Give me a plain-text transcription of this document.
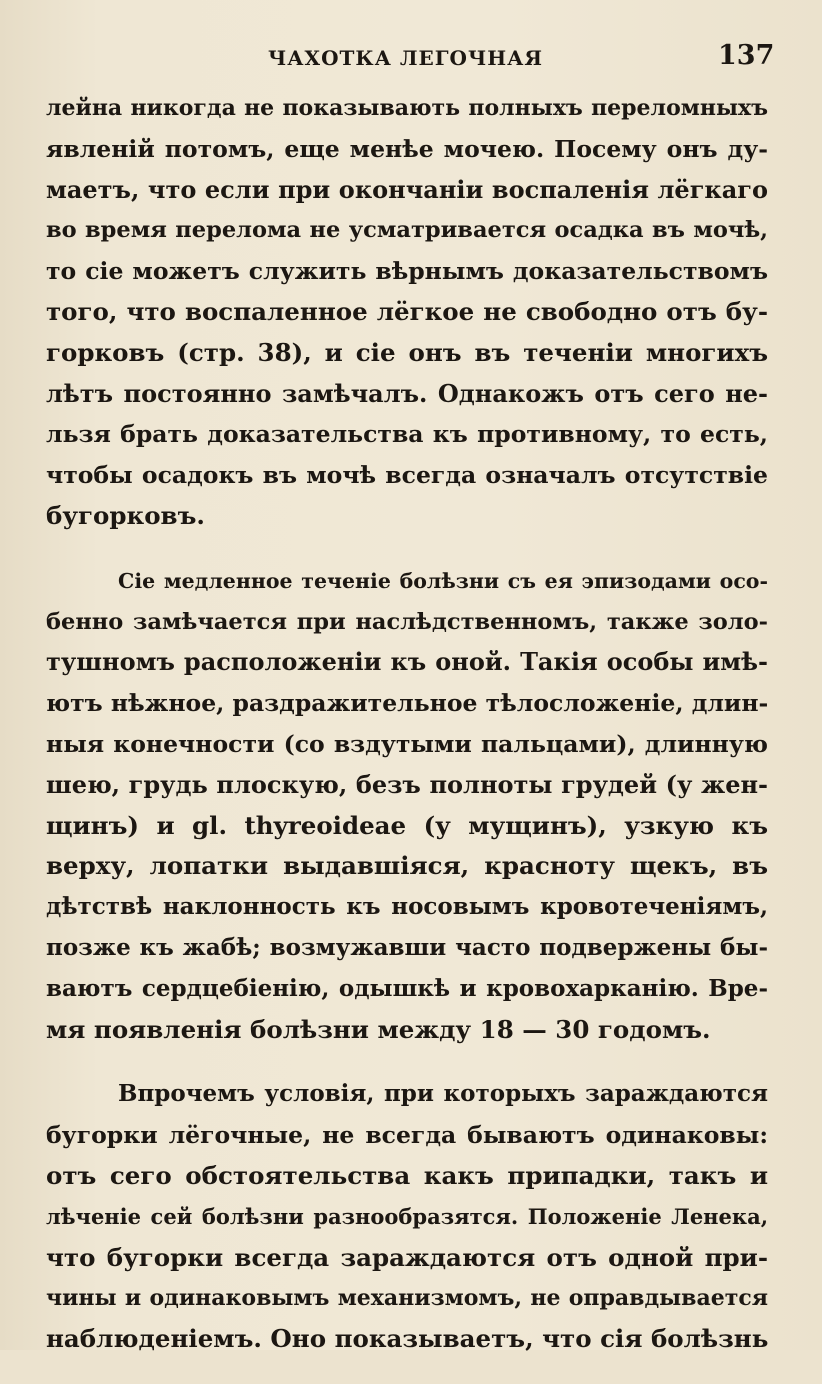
ЧАХОТКА ЛЕГОЧНАЯ	137
лейна никогда не показывають полныхъ переломныхъ
явленій потомъ, еще менѣе мочею. Посему онъ ду-
маетъ, что если при окончаніи воспаленія лёгкаго
во время перелома не усматривается осадка въ мочѣ,
то сіе можетъ служить вѣрнымъ доказательствомъ
того, что воспаленное лёгкое не свободно отъ бу-
горковъ (стр. 38), и сіе онъ въ теченіи многихъ
лѣтъ постоянно замѣчалъ. Однакожъ отъ сего не-
льзя брать доказательства къ противному, то есть,
чтобы осадокъ въ мочѣ всегда означалъ отсутствіе
бугорковъ.
Сіе медленное теченіе болѣзни съ ея эпизодами осо-
бенно замѣчается при наслѣдственномъ, также золо-
тушномъ расположеніи къ оной. Такія особы имѣ-
ютъ нѣжное, раздражительное тѣлосложеніе, длин-
ныя конечности (со вздутыми пальцами), длинную
шею, грудь плоскую, безъ полноты грудей (у жен-
щинъ) и gl. thyreoideae (у мущинъ), узкую къ
верху, лопатки выдавшіяся, краснoту щекъ, въ
дѣтствѣ наклонность къ носовымъ кровотеченіямъ,
позже къ жабѣ; возмужавши часто подвержены бы-
ваютъ сердцебіенію, одышкѣ и кровохарканію. Вре-
мя появленія болѣзни между 18 — 30 годомъ.
Впрочемъ условія, при которыхъ зараждаются
бугорки лёгочные, не всегда бываютъ одинаковы:
отъ сего обстоятельства какъ припадки, такъ и
лѣченіе сей болѣзни разнообразятся. Положеніе Ленека,
что бугорки всегда зараждаются отъ одной при-
чины и одинаковымъ механизмомъ, не оправдывается
наблюденіемъ. Оно показываетъ, что сія болѣзнь
